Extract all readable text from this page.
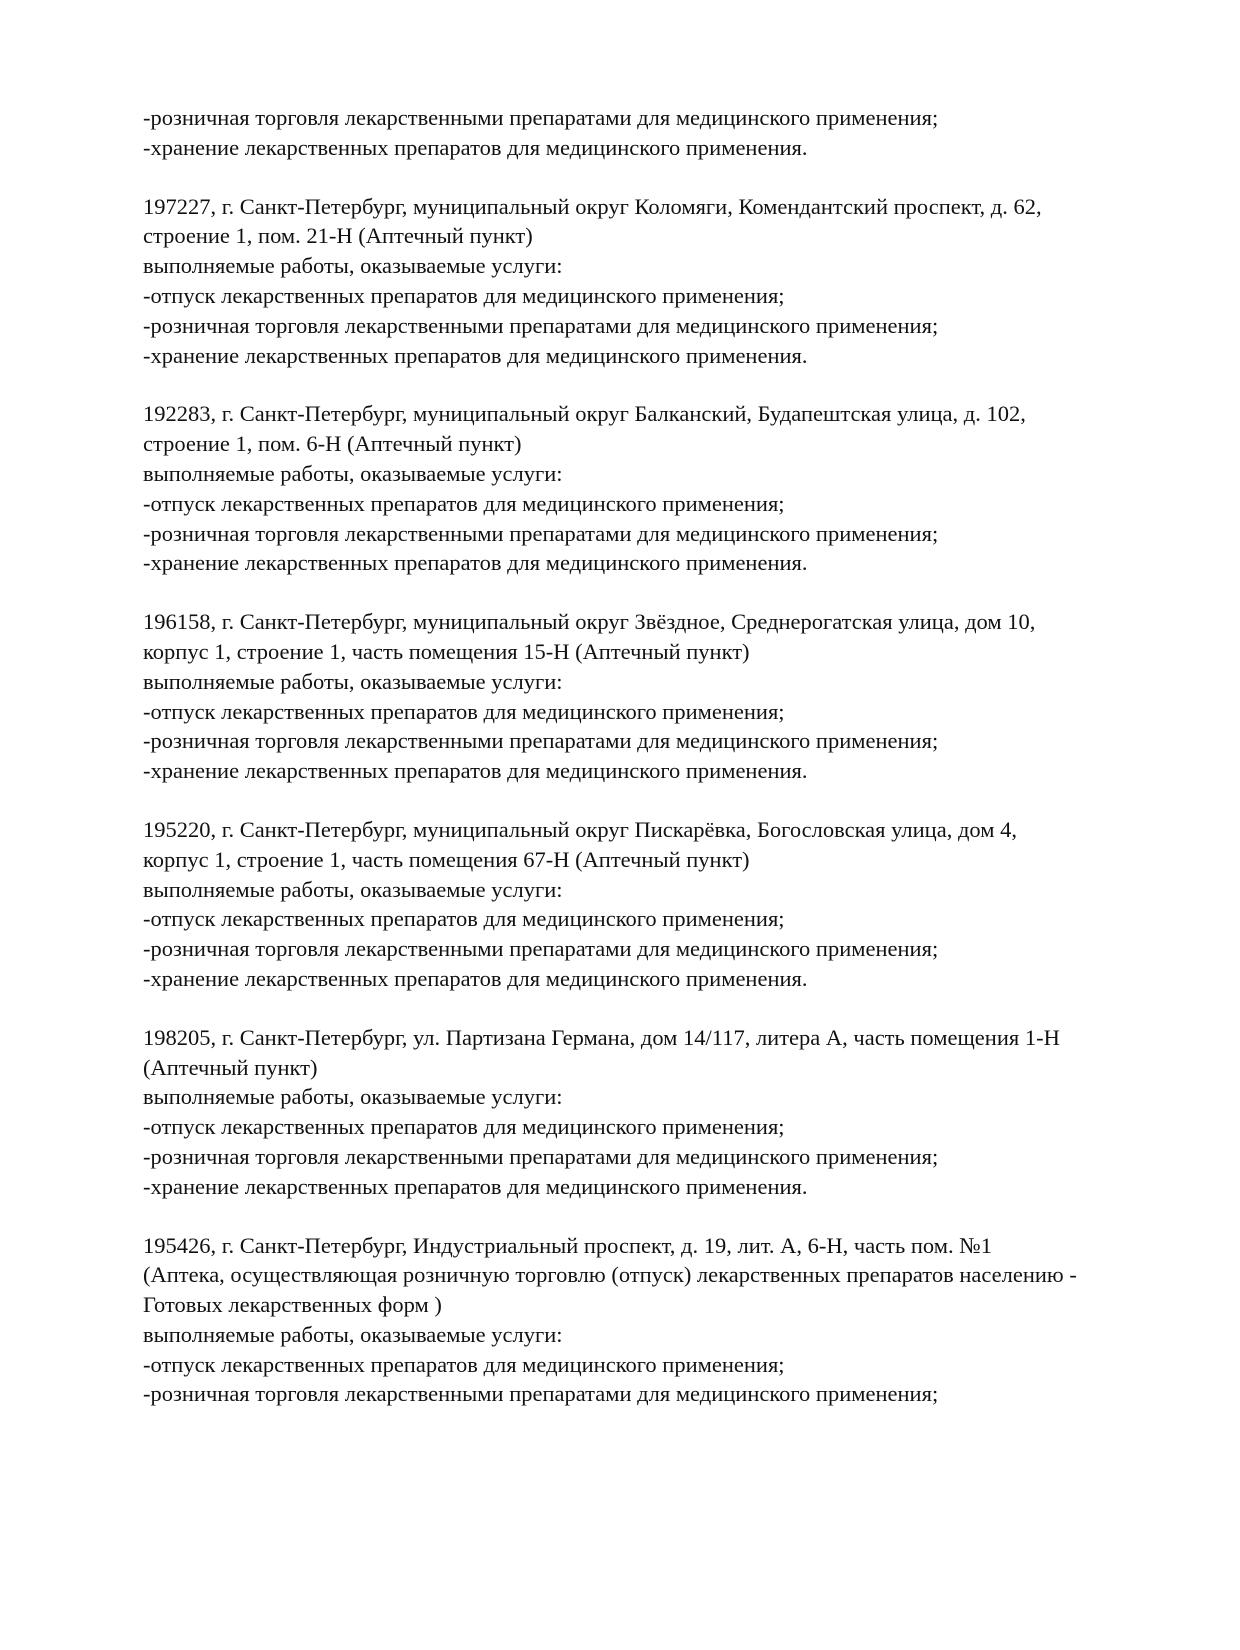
-розничная торговля лекарственными препаратами для медицинского применения;
-хранение лекарственных препаратов для медицинского применения.
197227, г. Санкт-Петербург, муниципальный округ Коломяги, Комендантский проспект, д. 62,
строение 1, пом. 21-Н (Аптечный пункт)
выполняемые работы, оказываемые услуги:
-отпуск лекарственных препаратов для медицинского применения;
-розничная торговля лекарственными препаратами для медицинского применения;
-хранение лекарственных препаратов для медицинского применения.
192283, г. Санкт-Петербург, муниципальный округ Балканский, Будапештская улица, д. 102,
строение 1, пом. 6-Н (Аптечный пункт)
выполняемые работы, оказываемые услуги:
-отпуск лекарственных препаратов для медицинского применения;
-розничная торговля лекарственными препаратами для медицинского применения;
-хранение лекарственных препаратов для медицинского применения.
196158, г. Санкт-Петербург, муниципальный округ Звёздное, Среднерогатская улица, дом 10,
корпус 1, строение 1, часть помещения 15-Н (Аптечный пункт)
выполняемые работы, оказываемые услуги:
-отпуск лекарственных препаратов для медицинского применения;
-розничная торговля лекарственными препаратами для медицинского применения;
-хранение лекарственных препаратов для медицинского применения.
195220, г. Санкт-Петербург, муниципальный округ Пискарёвка, Богословская улица, дом 4,
корпус 1, строение 1, часть помещения 67-Н (Аптечный пункт)
выполняемые работы, оказываемые услуги:
-отпуск лекарственных препаратов для медицинского применения;
-розничная торговля лекарственными препаратами для медицинского применения;
-хранение лекарственных препаратов для медицинского применения.
198205, г. Санкт-Петербург, ул. Партизана Германа, дом 14/117, литера А, часть помещения 1-Н
(Аптечный пункт)
выполняемые работы, оказываемые услуги:
-отпуск лекарственных препаратов для медицинского применения;
-розничная торговля лекарственными препаратами для медицинского применения;
-хранение лекарственных препаратов для медицинского применения.
195426, г. Санкт-Петербург, Индустриальный проспект, д. 19, лит. А, 6-Н, часть пом. №1
(Аптека, осуществляющая розничную торговлю (отпуск) лекарственных препаратов населению -
Готовых лекарственных форм )
выполняемые работы, оказываемые услуги:
-отпуск лекарственных препаратов для медицинского применения;
-розничная торговля лекарственными препаратами для медицинского применения;
